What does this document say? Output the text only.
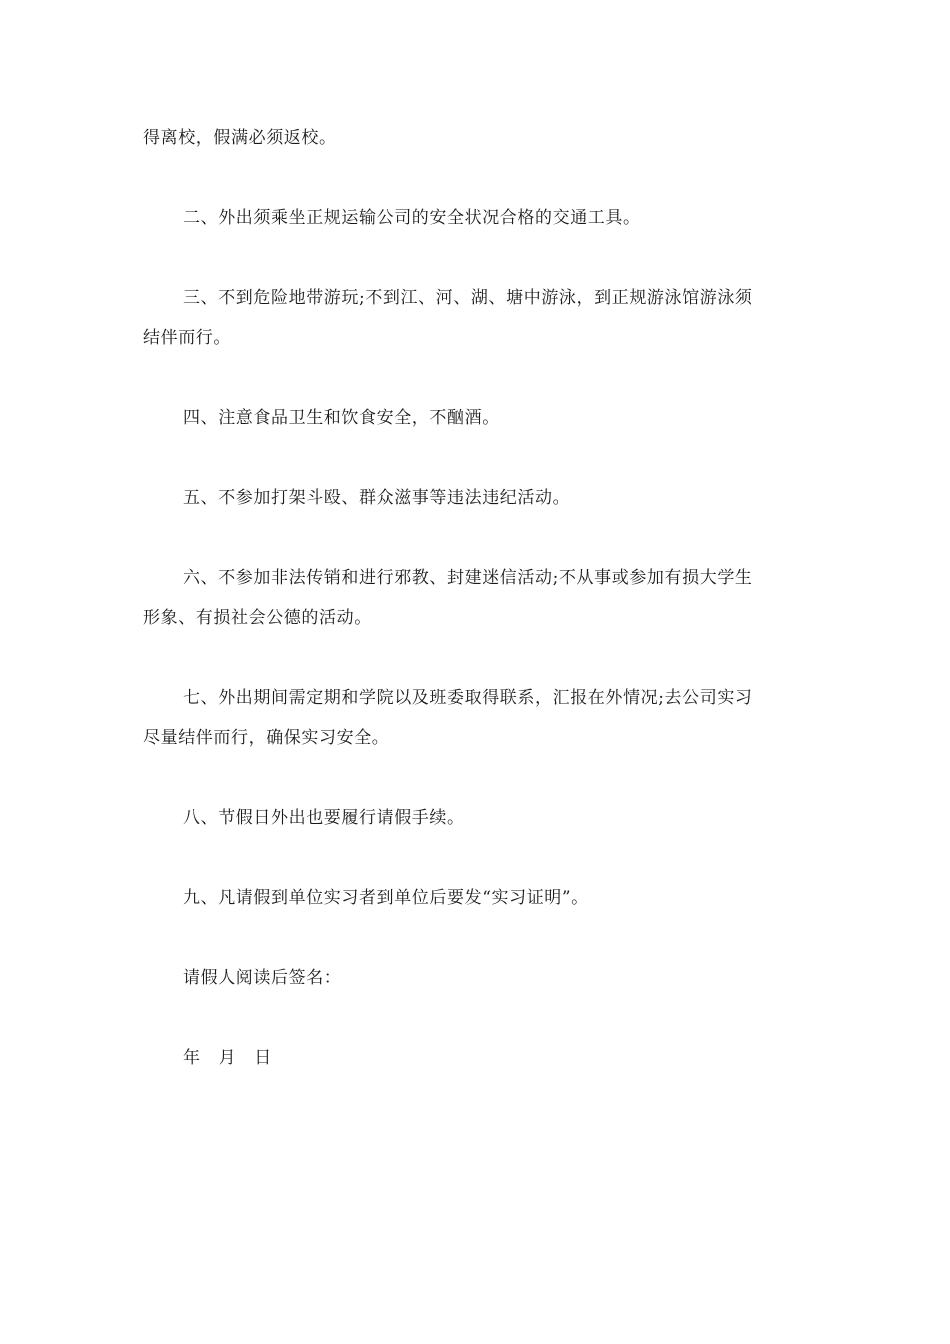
得离校，假满必须返校。
二、外出须乘坐正规运输公司的安全状况合格的交通工具。
三、不到危险地带游玩;不到江、河、湖、塘中游泳，到正规游泳馆游泳须
结伴而行。
四、注意食品卫生和饮食安全，不酗酒。
五、不参加打架斗殴、群众滋事等违法违纪活动。
六、不参加非法传销和进行邪教、封建迷信活动;不从事或参加有损大学生
形象、有损社会公德的活动。
七、外出期间需定期和学院以及班委取得联系，汇报在外情况;去公司实习
尽量结伴而行，确保实习安全。
八、节假日外出也要履行请假手续。
九、凡请假到单位实习者到单位后要发“实习证明”。
请假人阅读后签名：
年 月 日
